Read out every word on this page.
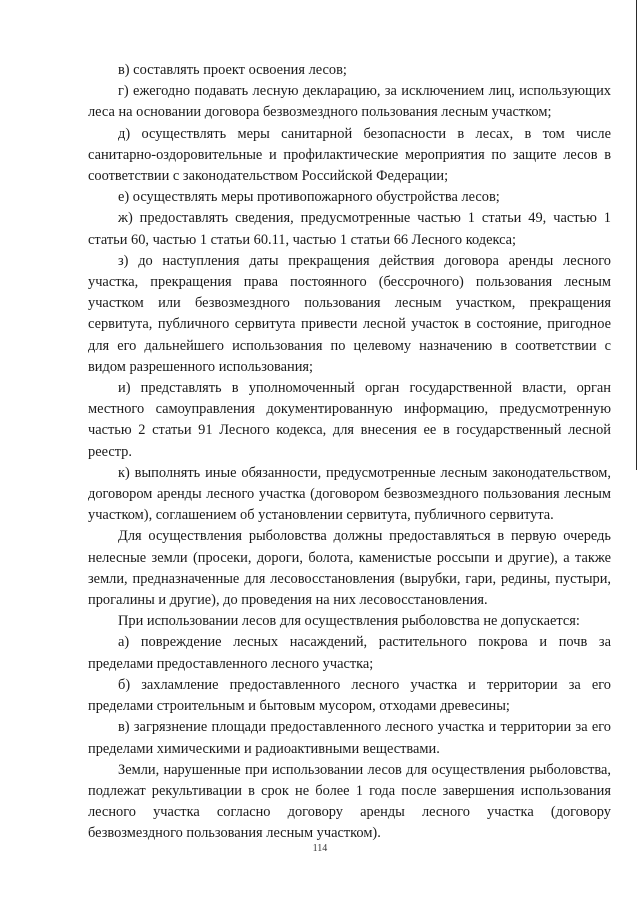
в) составлять проект освоения лесов;

г) ежегодно подавать лесную декларацию, за исключением лиц, использующих леса на основании договора безвозмездного пользования лесным участком;

д) осуществлять меры санитарной безопасности в лесах, в том числе санитарно-оздоровительные и профилактические мероприятия по защите лесов в соответствии с законодательством Российской Федерации;

е) осуществлять меры противопожарного обустройства лесов;

ж) предоставлять сведения, предусмотренные частью 1 статьи 49, частью 1 статьи 60, частью 1 статьи 60.11, частью 1 статьи 66 Лесного кодекса;

з) до наступления даты прекращения действия договора аренды лесного участка, прекращения права постоянного (бессрочного) пользования лесным участком или безвозмездного пользования лесным участком, прекращения сервитута, публичного сервитута привести лесной участок в состояние, пригодное для его дальнейшего использования по целевому назначению в соответствии с видом разрешенного использования;

и) представлять в уполномоченный орган государственной власти, орган местного самоуправления документированную информацию, предусмотренную частью 2 статьи 91 Лесного кодекса, для внесения ее в государственный лесной реестр.

к) выполнять иные обязанности, предусмотренные лесным законодательством, договором аренды лесного участка (договором безвозмездного пользования лесным участком), соглашением об установлении сервитута, публичного сервитута.

Для осуществления рыболовства должны предоставляться в первую очередь нелесные земли (просеки, дороги, болота, каменистые россыпи и другие), а также земли, предназначенные для лесовосстановления (вырубки, гари, редины, пустыри, прогалины и другие), до проведения на них лесовосстановления.

При использовании лесов для осуществления рыболовства не допускается:

а) повреждение лесных насаждений, растительного покрова и почв за пределами предоставленного лесного участка;

б) захламление предоставленного лесного участка и территории за его пределами строительным и бытовым мусором, отходами древесины;

в) загрязнение площади предоставленного лесного участка и территории за его пределами химическими и радиоактивными веществами.

Земли, нарушенные при использовании лесов для осуществления рыболовства, подлежат рекультивации в срок не более 1 года после завершения использования лесного участка согласно договору аренды лесного участка (договору безвозмездного пользования лесным участком).

114
